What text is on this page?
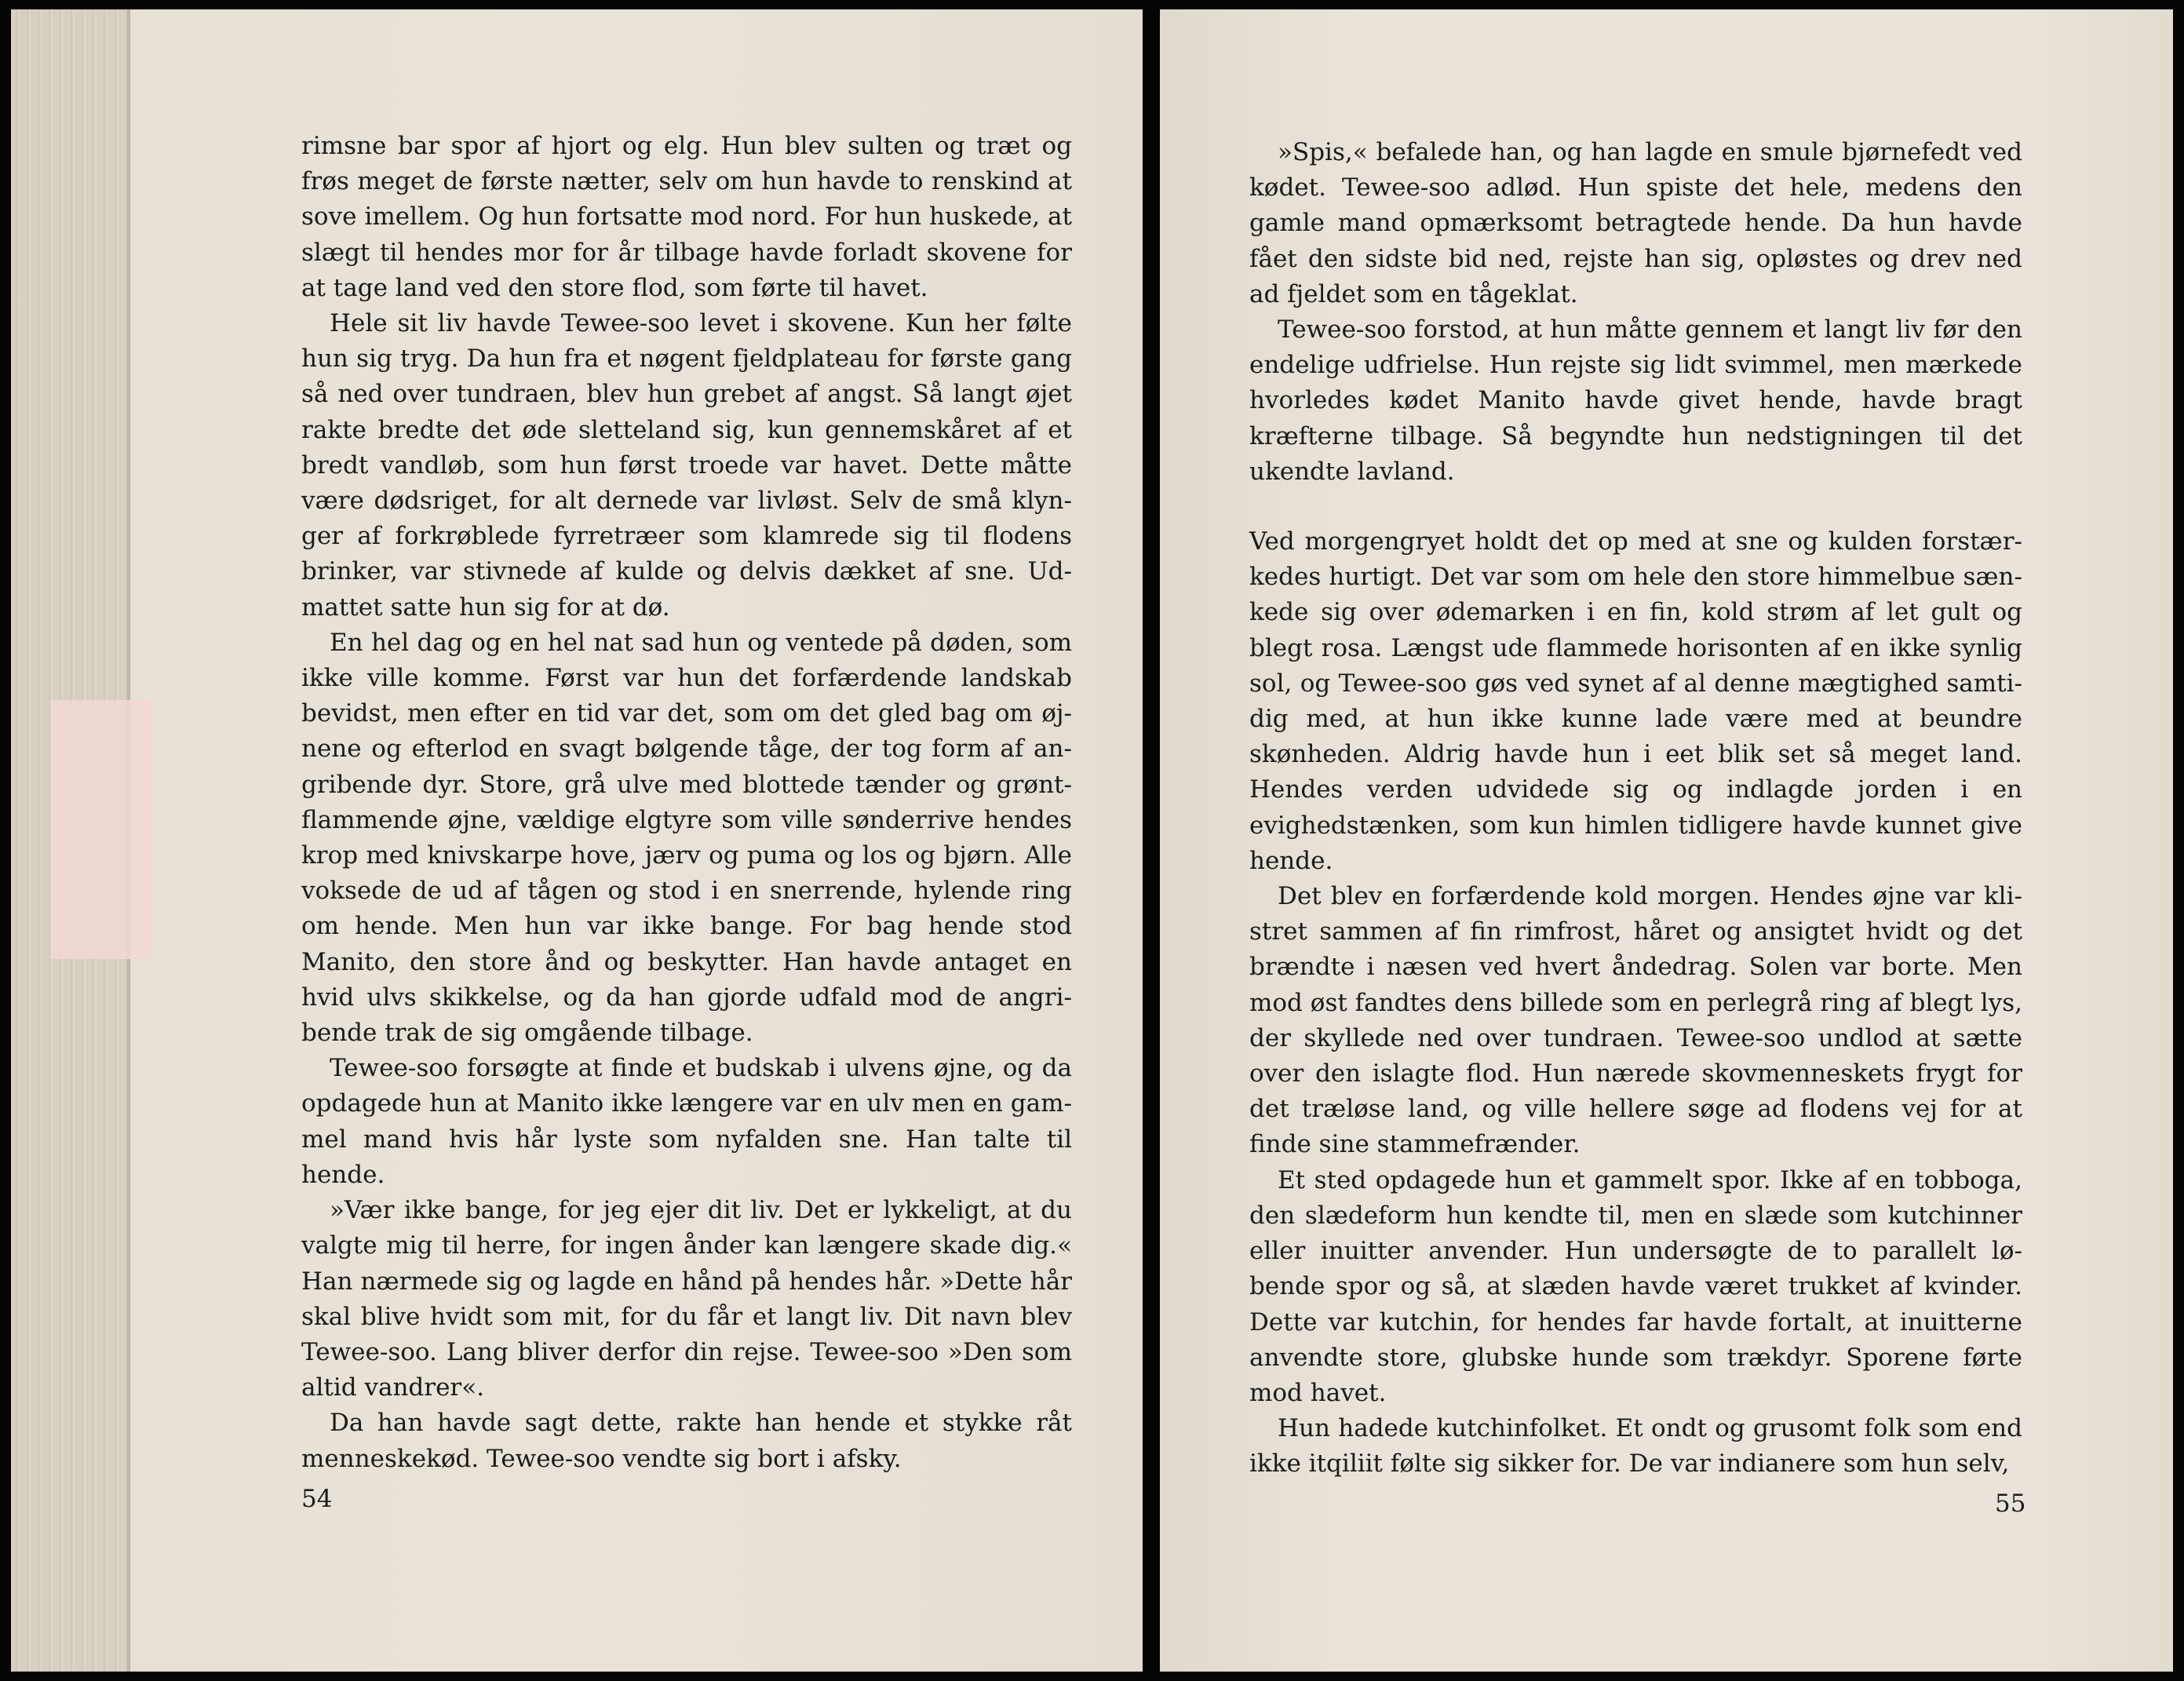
rimsne bar spor af hjort og elg. Hun blev sulten og træt og frøs meget de første nætter, selv om hun havde to renskind at sove imellem. Og hun fortsatte mod nord. For hun huskede, at slægt til hendes mor for år tilbage havde forladt skovene for at tage land ved den store flod, som førte til havet.

Hele sit liv havde Tewee-soo levet i skovene. Kun her følte hun sig tryg. Da hun fra et nøgent fjeldplateau for første gang så ned over tundraen, blev hun grebet af angst. Så langt øjet rakte bredte det øde sletteland sig, kun gennemskåret af et bredt vandløb, som hun først troede var havet. Dette måtte være dødsriget, for alt dernede var livløst. Selv de små klynger af forkrøblede fyrretræer som klamrede sig til flodens brinker, var stivnede af kulde og delvis dækket af sne. Udmattet satte hun sig for at dø.

En hel dag og en hel nat sad hun og ventede på døden, som ikke ville komme. Først var hun det forfærdende landskab bevidst, men efter en tid var det, som om det gled bag om øjnene og efterlod en svagt bølgende tåge, der tog form af angribende dyr. Store, grå ulve med blottede tænder og grøntflammende øjne, vældige elgtyre som ville sønderrive hendes krop med knivskarpe hove, jærv og puma og los og bjørn. Alle voksede de ud af tågen og stod i en snerrende, hylende ring om hende. Men hun var ikke bange. For bag hende stod Manito, den store ånd og beskytter. Han havde antaget en hvid ulvs skikkelse, og da han gjorde udfald mod de angribende trak de sig omgående tilbage.

Tewee-soo forsøgte at finde et budskab i ulvens øjne, og da opdagede hun at Manito ikke længere var en ulv men en gammel mand hvis hår lyste som nyfalden sne. Han talte til hende.

»Vær ikke bange, for jeg ejer dit liv. Det er lykkeligt, at du valgte mig til herre, for ingen ånder kan længere skade dig.« Han nærmede sig og lagde en hånd på hendes hår. »Dette hår skal blive hvidt som mit, for du får et langt liv. Dit navn blev Tewee-soo. Lang bliver derfor din rejse. Tewee-soo »Den som altid vandrer«.

Da han havde sagt dette, rakte han hende et stykke råt menneskekød. Tewee-soo vendte sig bort i afsky.

54

»Spis,« befalede han, og han lagde en smule bjørnefedt ved kødet. Tewee-soo adlød. Hun spiste det hele, medens den gamle mand opmærksomt betragtede hende. Da hun havde fået den sidste bid ned, rejste han sig, opløstes og drev ned ad fjeldet som en tågeklat.

Tewee-soo forstod, at hun måtte gennem et langt liv før den endelige udfrielse. Hun rejste sig lidt svimmel, men mærkede hvorledes kødet Manito havde givet hende, havde bragt kræfterne tilbage. Så begyndte hun nedstigningen til det ukendte lavland.

Ved morgengryet holdt det op med at sne og kulden forstærkedes hurtigt. Det var som om hele den store himmelbue sænkede sig over ødemarken i en fin, kold strøm af let gult og blegt rosa. Længst ude flammede horisonten af en ikke synlig sol, og Tewee-soo gøs ved synet af al denne mægtighed samtidig med, at hun ikke kunne lade være med at beundre skønheden. Aldrig havde hun i eet blik set så meget land. Hendes verden udvidede sig og indlagde jorden i en evighedstænken, som kun himlen tidligere havde kunnet give hende.

Det blev en forfærdende kold morgen. Hendes øjne var klistret sammen af fin rimfrost, håret og ansigtet hvidt og det brændte i næsen ved hvert åndedrag. Solen var borte. Men mod øst fandtes dens billede som en perlegrå ring af blegt lys, der skyllede ned over tundraen. Tewee-soo undlod at sætte over den islagte flod. Hun nærede skovmenneskets frygt for det træløse land, og ville hellere søge ad flodens vej for at finde sine stammefrænder.

Et sted opdagede hun et gammelt spor. Ikke af en tobboga, den slædeform hun kendte til, men en slæde som kutchinner eller inuitter anvender. Hun undersøgte de to parallelt løbende spor og så, at slæden havde været trukket af kvinder. Dette var kutchin, for hendes far havde fortalt, at inuitterne anvendte store, glubske hunde som trækdyr. Sporene førte mod havet.

Hun hadede kutchinfolket. Et ondt og grusomt folk som end ikke itqiliit følte sig sikker for. De var indianere som hun selv,

55
